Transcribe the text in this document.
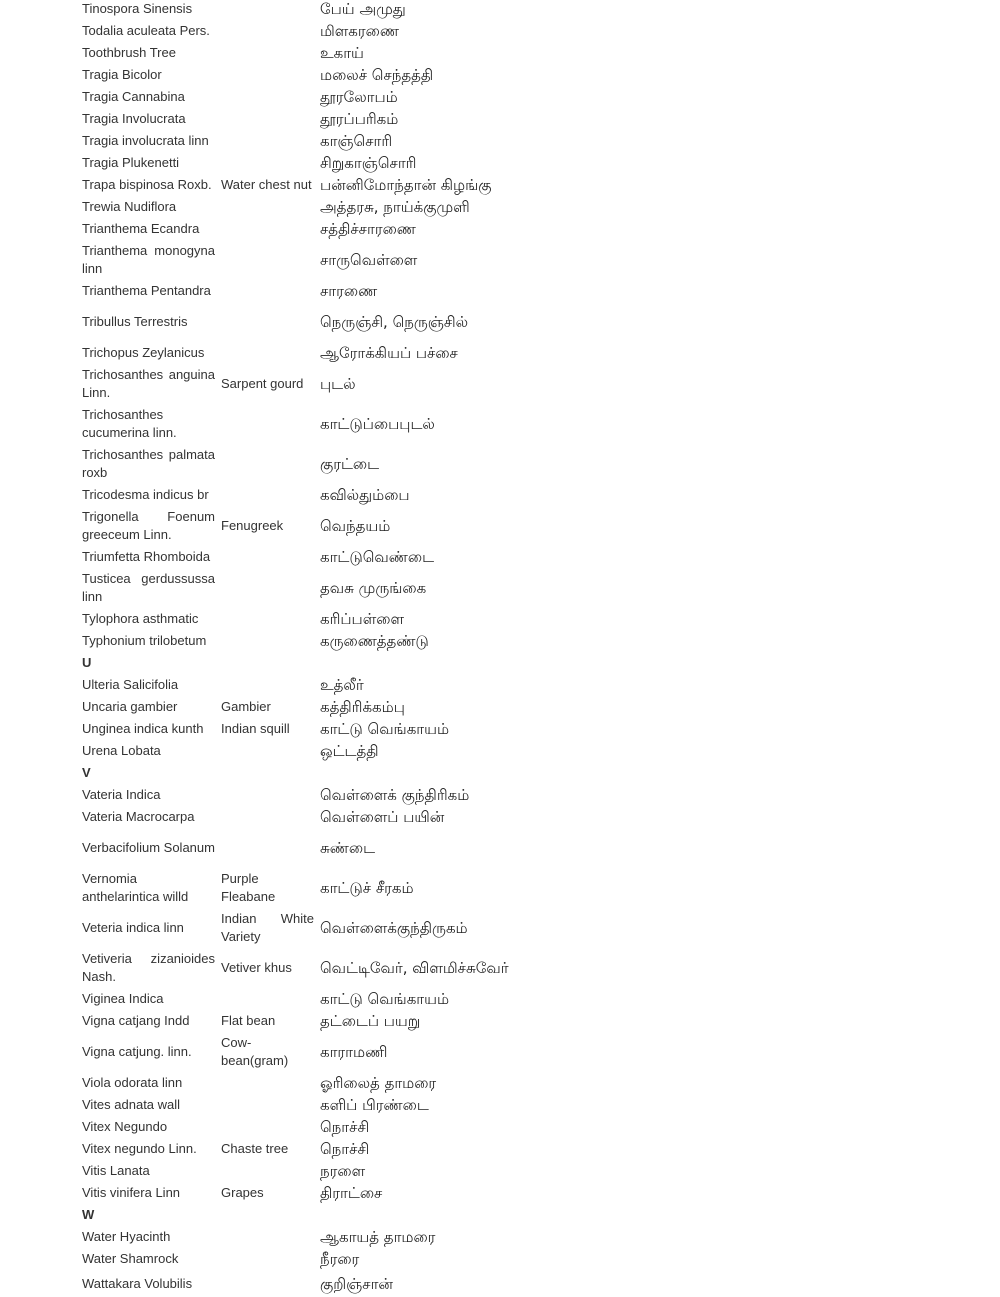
Tinospora Sinensis		பேய் அமுது
Todalia aculeata Pers.		மிளகரணை
Toothbrush Tree		உகாய்
Tragia Bicolor		மலைச் செந்தத்தி
Tragia Cannabina		தூரலோபம்
Tragia Involucrata		தூரப்பரிகம்
Tragia involucrata linn		காஞ்சொரி
Tragia Plukenetti		சிறுகாஞ்சொரி
Trapa bispinosa Roxb.	Water chest nut	பன்னிமோந்தான் கிழங்கு
Trewia Nudiflora		அத்தரசு, நாய்க்குமுளி
Trianthema Ecandra		சத்திச்சாரணை
Trianthema monogyna linn		சாருவெள்ளை
Trianthema Pentandra		சாரணை
Tribullus Terrestris		நெருஞ்சி, நெருஞ்சில்
Trichopus Zeylanicus		ஆரோக்கியப் பச்சை
Trichosanthes anguina Linn.	Sarpent gourd	புடல்
Trichosanthes cucumerina linn.		காட்டுப்பைபுடல்
Trichosanthes palmata roxb		குரட்டை
Tricodesma indicus br		கவில்தும்பை
Trigonella Foenum greeceum Linn.	Fenugreek	வெந்தயம்
Triumfetta Rhomboida		காட்டுவெண்டை
Tusticea gerdussussa linn		தவசு முருங்கை
Tylophora asthmatic		கரிப்பள்ளை
Typhonium trilobetum		கருணைத்தண்டு
U		
Ulteria Salicifolia		உத்லீர்
Uncaria gambier	Gambier	கத்திரிக்கம்பு
Unginea indica kunth	Indian squill	காட்டு வெங்காயம்
Urena Lobata		ஒட்டத்தி
V		
Vateria Indica		வெள்ளைக் குந்திரிகம்
Vateria Macrocarpa		வெள்ளைப் பயின்
Verbacifolium Solanum		சுண்டை
Vernomia anthelarintica willd	Purple Fleabane	காட்டுச் சீரகம்
Veteria indica linn	Indian White Variety	வெள்ளைக்குந்திருகம்
Vetiveria zizanioides Nash.	Vetiver khus	வெட்டிவேர், விளமிச்சுவேர்
Viginea Indica		காட்டு வெங்காயம்
Vigna catjang Indd	Flat bean	தட்டைப் பயறு
Vigna catjung. linn.	Cow-bean(gram)	காராமணி
Viola odorata linn		ஓரிலைத் தாமரை
Vites adnata wall		களிப் பிரண்டை
Vitex Negundo		நொச்சி
Vitex negundo Linn.	Chaste tree	நொச்சி
Vitis Lanata		நரளை
Vitis vinifera Linn	Grapes	திராட்சை
W		
Water Hyacinth		ஆகாயத் தாமரை
Water Shamrock		நீரரை
Wattakara Volubilis		குறிஞ்சான்
